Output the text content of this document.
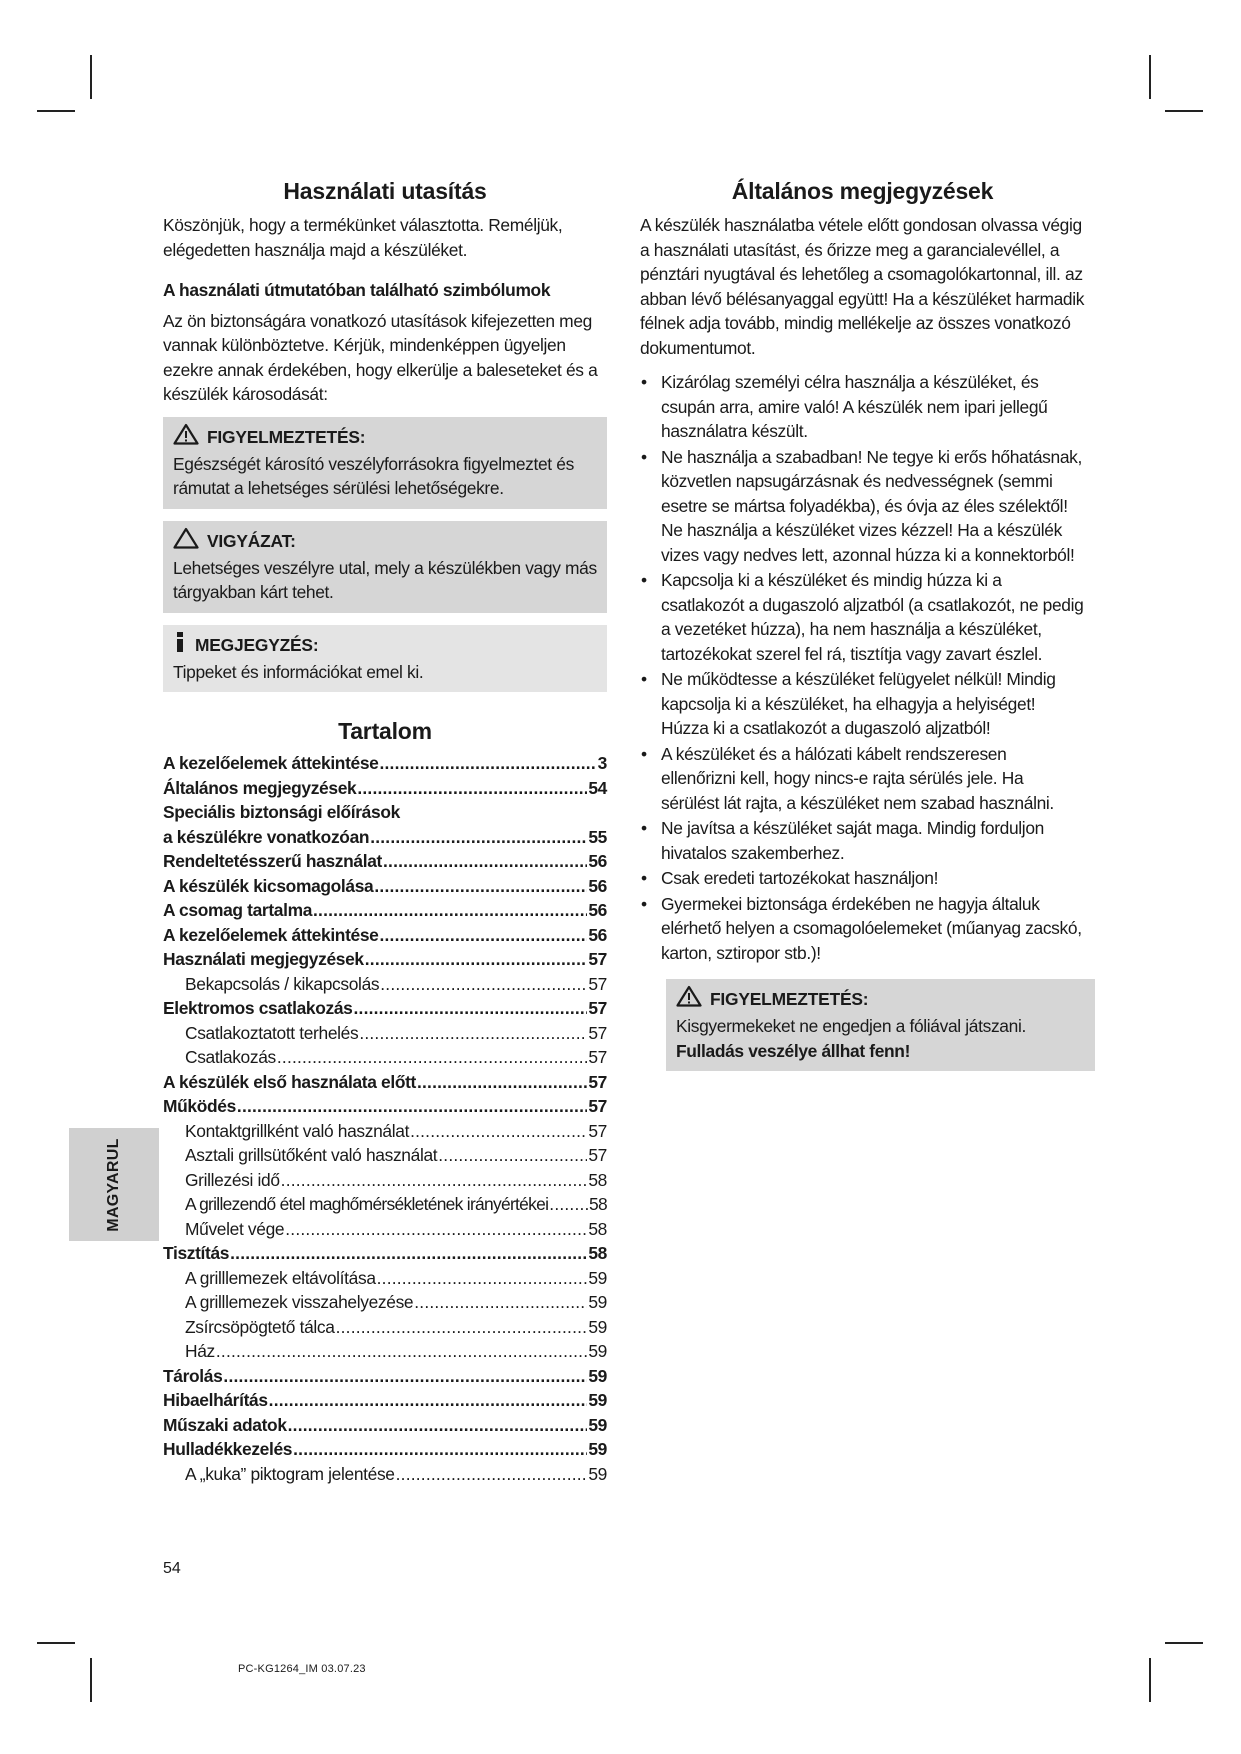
Használati utasítás

Köszönjük, hogy a termékünket választotta. Reméljük, elégedetten használja majd a készüléket.

A használati útmutatóban található szimbólumok

Az ön biztonságára vonatkozó utasítások kifejezetten meg vannak különböztetve. Kérjük, mindenképpen ügyeljen ezekre annak érdekében, hogy elkerülje a baleseteket és a készülék károsodását:

FIGYELMEZTETÉS:
Egészségét károsító veszélyforrásokra figyelmeztet és rámutat a lehetséges sérülési lehetőségekre.
VIGYÁZAT:
Lehetséges veszélyre utal, mely a készülékben vagy más tárgyakban kárt tehet.
MEGJEGYZÉS:
Tippeket és információkat emel ki.
Tartalom
A kezelőelemek áttekintése .....	3
Általános megjegyzések .....	54
Speciális biztonsági előírások
a készülékre vonatkozóan .....	55
Rendeltetésszerű használat .....	56
A készülék kicsomagolása .....	56
A csomag tartalma .....	56
A kezelőelemek áttekintése .....	56
Használati megjegyzések .....	57
Bekapcsolás / kikapcsolás .....	57
Elektromos csatlakozás .....	57
Csatlakoztatott terhelés .....	57
Csatlakozás .....	57
A készülék első használata előtt .....	57
Működés .....	57
Kontaktgrillként való használat .....	57
Asztali grillsütőként való használat .....	57
Grillezési idő .....	58
A grillezendő étel maghőmérsékletének irányértékei ..... 58
Művelet vége .....	58
Tisztítás .....	58
A grilllemezek eltávolítása .....	59
A grilllemezek visszahelyezése .....	59
Zsírcsöpögtető tálca .....	59
Ház .....	59
Tárolás .....	59
Hibaelhárítás .....	59
Műszaki adatok .....	59
Hulladékkezelés .....	59
A „kuka” piktogram jelentése .....	59
Általános megjegyzések

A készülék használatba vétele előtt gondosan olvassa végig a használati utasítást, és őrizze meg a garancialevéllel, a pénztári nyugtával és lehetőleg a csomagolókartonnal, ill. az abban lévő bélésanyaggal együtt! Ha a készüléket harmadik félnek adja tovább, mindig mellékelje az összes vonatkozó dokumentumot.

• Kizárólag személyi célra használja a készüléket, és csupán arra, amire való! A készülék nem ipari jellegű használatra készült.
• Ne használja a szabadban! Ne tegye ki erős hőhatásnak, közvetlen napsugárzásnak és nedvességnek (semmi esetre se mártsa folyadékba), és óvja az éles szélektől! Ne használja a készüléket vizes kézzel! Ha a készülék vizes vagy nedves lett, azonnal húzza ki a konnektorból!
• Kapcsolja ki a készüléket és mindig húzza ki a csatlakozót a dugaszoló aljzatból (a csatlakozót, ne pedig a vezetéket húzza), ha nem használja a készüléket, tartozékokat szerel fel rá, tisztítja vagy zavart észlel.
• Ne működtesse a készüléket felügyelet nélkül! Mindig kapcsolja ki a készüléket, ha elhagyja a helyiséget! Húzza ki a csatlakozót a dugaszoló aljzatból!
• A készüléket és a hálózati kábelt rendszeresen ellenőrizni kell, hogy nincs-e rajta sérülés jele. Ha sérülést lát rajta, a készüléket nem szabad használni.
• Ne javítsa a készüléket saját maga. Mindig forduljon hivatalos szakemberhez.
• Csak eredeti tartozékokat használjon!
• Gyermekei biztonsága érdekében ne hagyja általuk elérhető helyen a csomagolóelemeket (műanyag zacskó, karton, sztiropor stb.)!
FIGYELMEZTETÉS:
Kisgyermekeket ne engedjen a fóliával játszani. Fulladás veszélye állhat fenn!
MAGYARUL
54
PC-KG1264_IM 03.07.23
